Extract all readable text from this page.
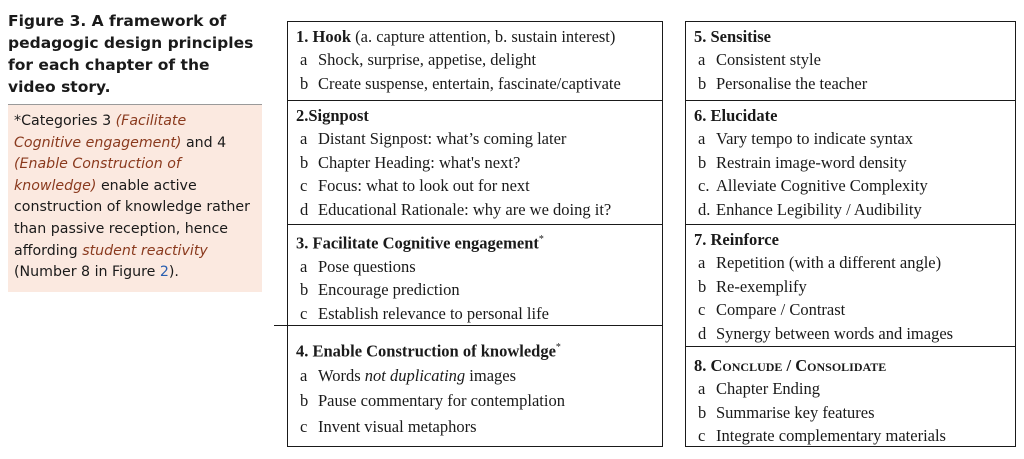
Figure 3. A framework of pedagogic design principles for each chapter of the video story.
*Categories 3 (Facilitate Cognitive engagement) and 4 (Enable Construction of knowledge) enable active construction of knowledge rather than passive reception, hence affording student reactivity (Number 8 in Figure 2).
1. Hook (a. capture attention, b. sustain interest)
a Shock, surprise, appetise, delight
b Create suspense, entertain, fascinate/captivate
2.Signpost
a Distant Signpost: what’s coming later
b Chapter Heading: what's next?
c Focus: what to look out for next
d Educational Rationale: why are we doing it?
3. Facilitate Cognitive engagement*
a Pose questions
b Encourage prediction
c Establish relevance to personal life
4. Enable Construction of knowledge*
a Words not duplicating images
b Pause commentary for contemplation
c Invent visual metaphors
5. Sensitise
a Consistent style
b Personalise the teacher
6. Elucidate
a Vary tempo to indicate syntax
b Restrain image-word density
c. Alleviate Cognitive Complexity
d. Enhance Legibility / Audibility
7. Reinforce
a Repetition (with a different angle)
b Re-exemplify
c Compare / Contrast
d Synergy between words and images
8. Conclude / Consolidate
a Chapter Ending
b Summarise key features
c Integrate complementary materials
